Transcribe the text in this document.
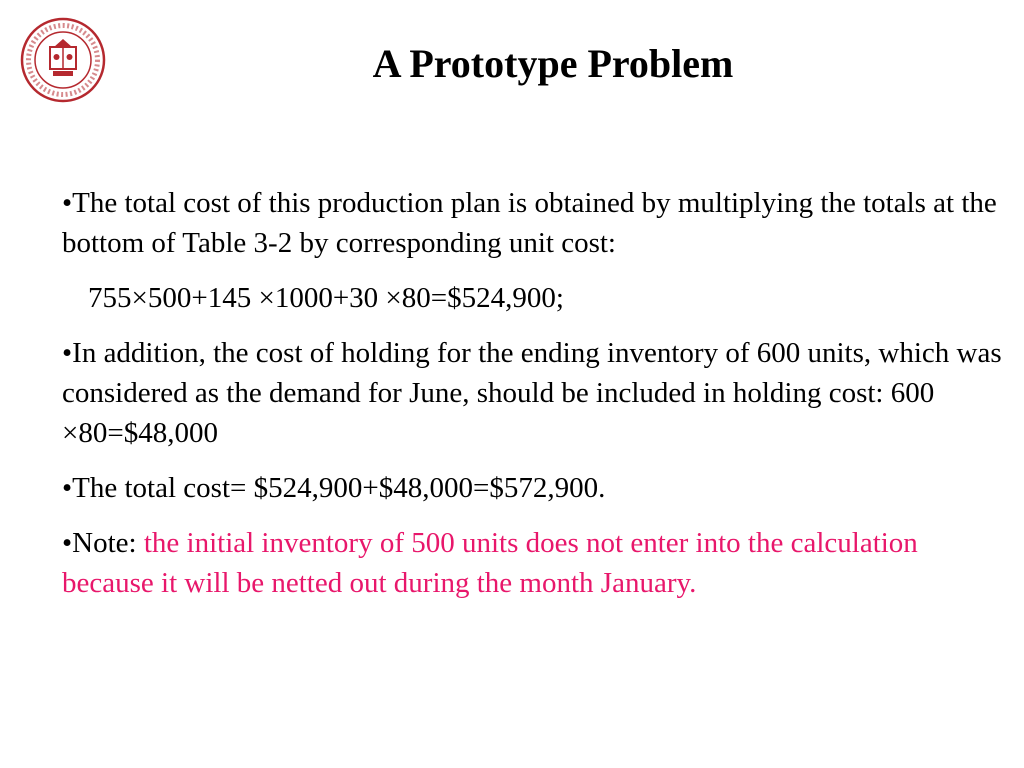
A Prototype Problem

•The total cost of this production plan is obtained by multiplying the totals at the bottom of Table 3-2 by corresponding unit cost:

755×500+145 ×1000+30 ×80=$524,900;

•In addition, the cost of holding for the ending inventory of 600 units, which was considered as the demand for June, should be included in holding cost: 600 ×80=$48,000

•The total cost= $524,900+$48,000=$572,900.

•Note: the initial inventory of 500 units does not enter into the calculation because it will be netted out during the month January.
